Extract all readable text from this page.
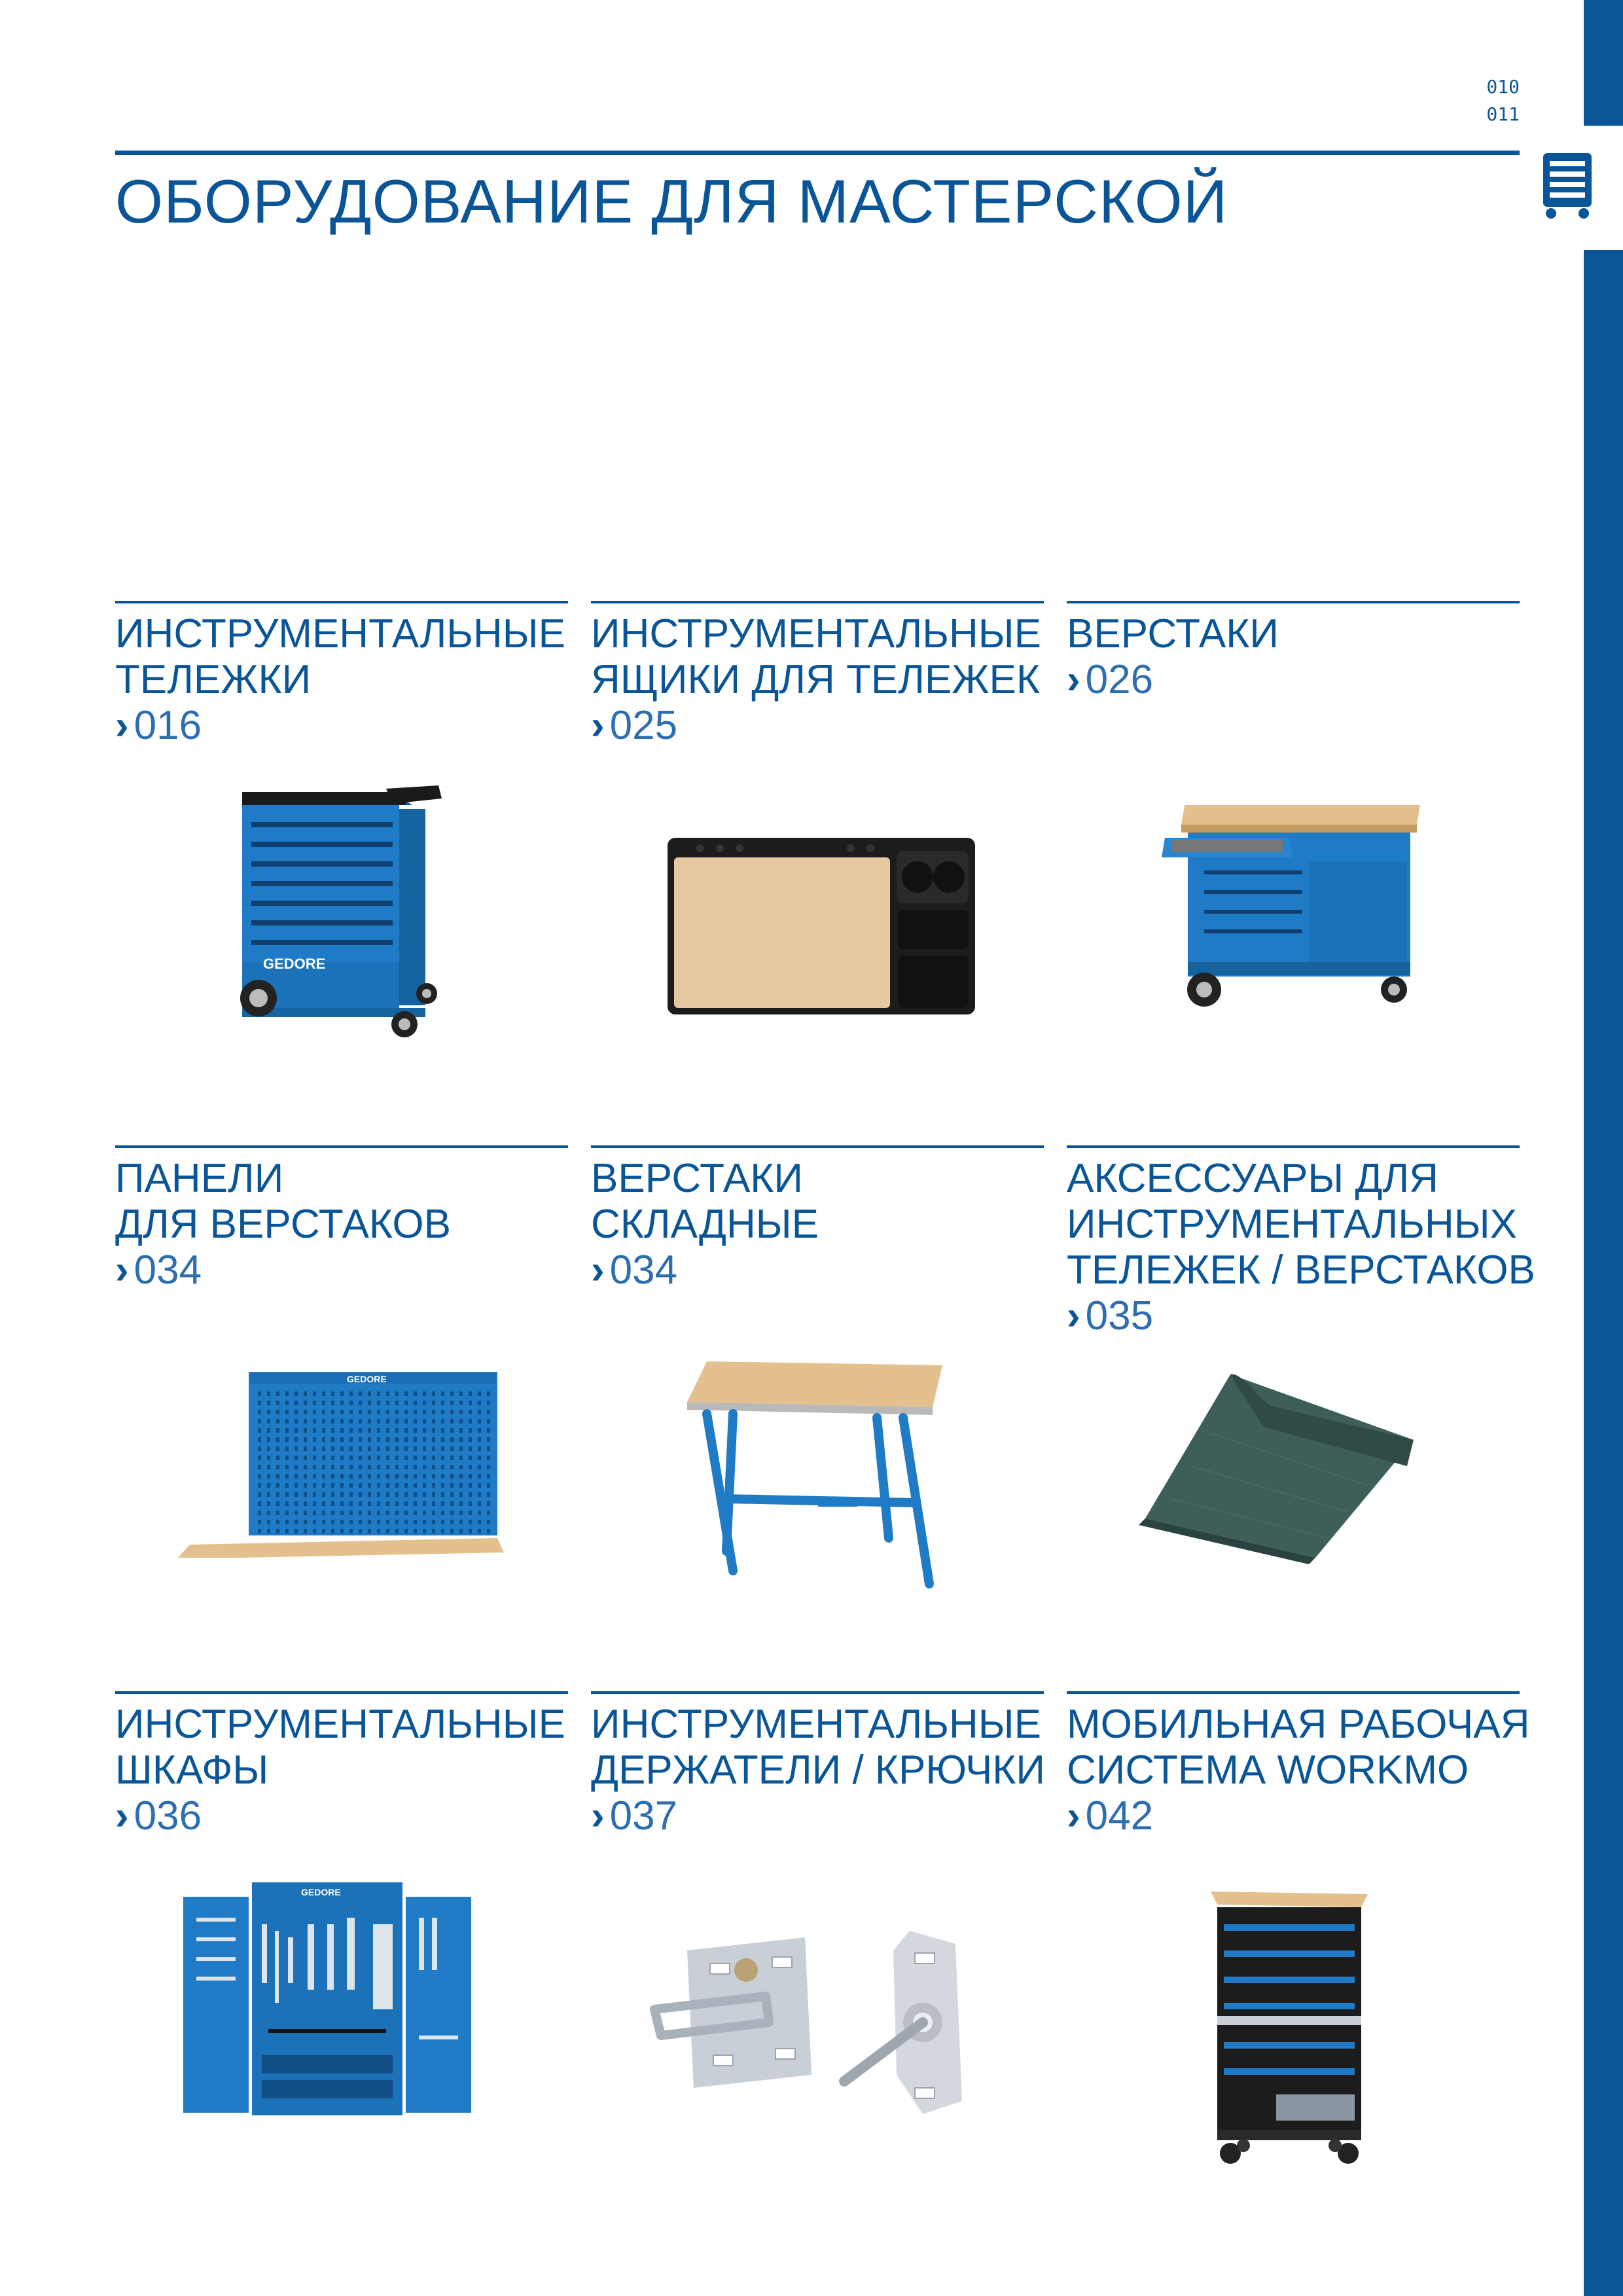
010
011
ОБОРУДОВАНИЕ ДЛЯ МАСТЕРСКОЙ
ИНСТРУМЕНТАЛЬНЫЕ
ТЕЛЕЖКИ
› 016
ИНСТРУМЕНТАЛЬНЫЕ
ЯЩИКИ ДЛЯ ТЕЛЕЖЕК
› 025
ВЕРСТАКИ
› 026
ПАНЕЛИ
ДЛЯ ВЕРСТАКОВ
› 034
ВЕРСТАКИ
СКЛАДНЫЕ
› 034
АКСЕССУАРЫ ДЛЯ
ИНСТРУМЕНТАЛЬНЫХ
ТЕЛЕЖЕК / ВЕРСТАКОВ
› 035
ИНСТРУМЕНТАЛЬНЫЕ
ШКАФЫ
› 036
ИНСТРУМЕНТАЛЬНЫЕ
ДЕРЖАТЕЛИ / КРЮЧКИ
› 037
МОБИЛЬНАЯ РАБОЧАЯ
СИСТЕМА WORKMO
› 042
GEDORE
GEDORE
GEDORE
